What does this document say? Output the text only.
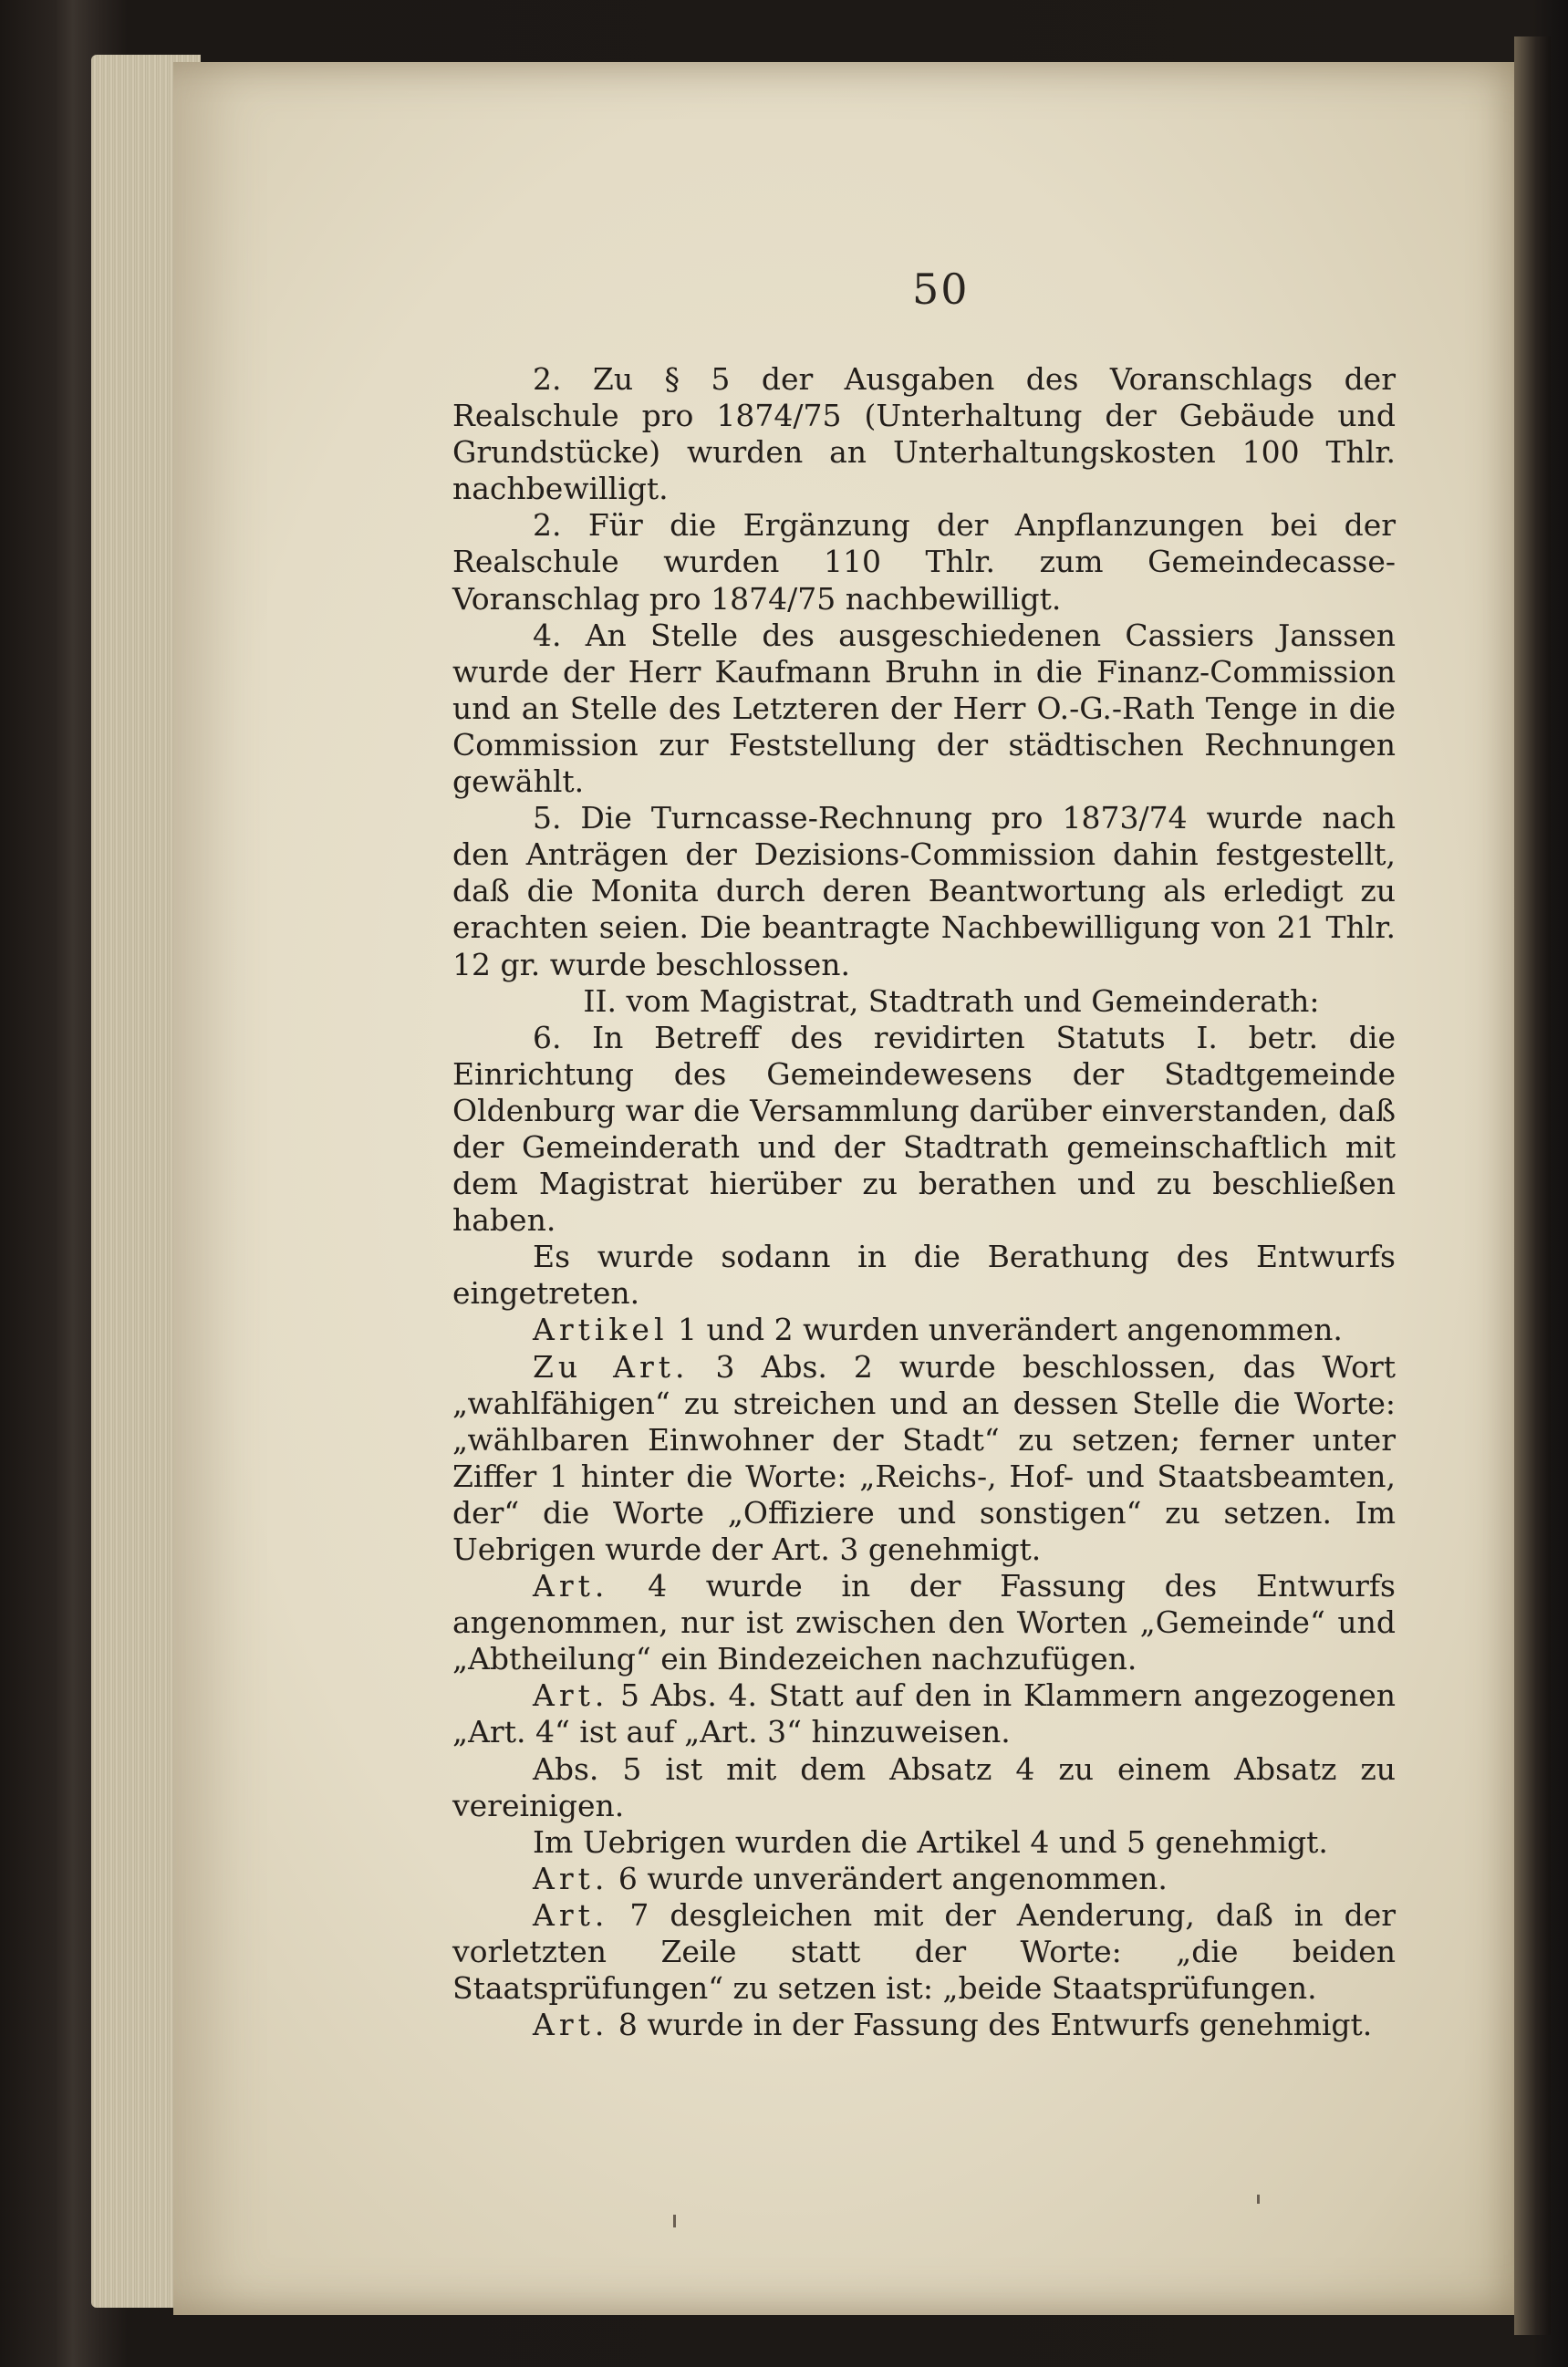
50

2. Zu § 5 der Ausgaben des Voranschlags der Realschule pro 1874/75 (Unterhaltung der Gebäude und Grundstücke) wurden an Unterhaltungskosten 100 Thlr. nachbewilligt.

2. Für die Ergänzung der Anpflanzungen bei der Realschule wurden 110 Thlr. zum Gemeindecasse-Voranschlag pro 1874/75 nachbewilligt.

4. An Stelle des ausgeschiedenen Cassiers Janssen wurde der Herr Kaufmann Bruhn in die Finanz-Commission und an Stelle des Letzteren der Herr O.-G.-Rath Tenge in die Commission zur Feststellung der städtischen Rechnungen gewählt.

5. Die Turncasse-Rechnung pro 1873/74 wurde nach den Anträgen der Dezisions-Commission dahin festgestellt, daß die Monita durch deren Beantwortung als erledigt zu erachten seien. Die beantragte Nachbewilligung von 21 Thlr. 12 gr. wurde beschlossen.

II. vom Magistrat, Stadtrath und Gemeinderath:

6. In Betreff des revidirten Statuts I. betr. die Einrichtung des Gemeindewesens der Stadtgemeinde Oldenburg war die Versammlung darüber einverstanden, daß der Gemeinderath und der Stadtrath gemeinschaftlich mit dem Magistrat hierüber zu berathen und zu beschließen haben.

Es wurde sodann in die Berathung des Entwurfs eingetreten.

Artikel 1 und 2 wurden unverändert angenommen.

Zu Art. 3 Abs. 2 wurde beschlossen, das Wort „wahlfähigen“ zu streichen und an dessen Stelle die Worte: „wählbaren Einwohner der Stadt“ zu setzen; ferner unter Ziffer 1 hinter die Worte: „Reichs-, Hof- und Staatsbeamten, der“ die Worte „Offiziere und sonstigen“ zu setzen. Im Uebrigen wurde der Art. 3 genehmigt.

Art. 4 wurde in der Fassung des Entwurfs angenommen, nur ist zwischen den Worten „Gemeinde“ und „Abtheilung“ ein Bindezeichen nachzufügen.

Art. 5 Abs. 4. Statt auf den in Klammern angezogenen „Art. 4“ ist auf „Art. 3“ hinzuweisen.

Abs. 5 ist mit dem Absatz 4 zu einem Absatz zu vereinigen.

Im Uebrigen wurden die Artikel 4 und 5 genehmigt.

Art. 6 wurde unverändert angenommen.

Art. 7 desgleichen mit der Aenderung, daß in der vorletzten Zeile statt der Worte: „die beiden Staatsprüfungen“ zu setzen ist: „beide Staatsprüfungen.

Art. 8 wurde in der Fassung des Entwurfs genehmigt.
